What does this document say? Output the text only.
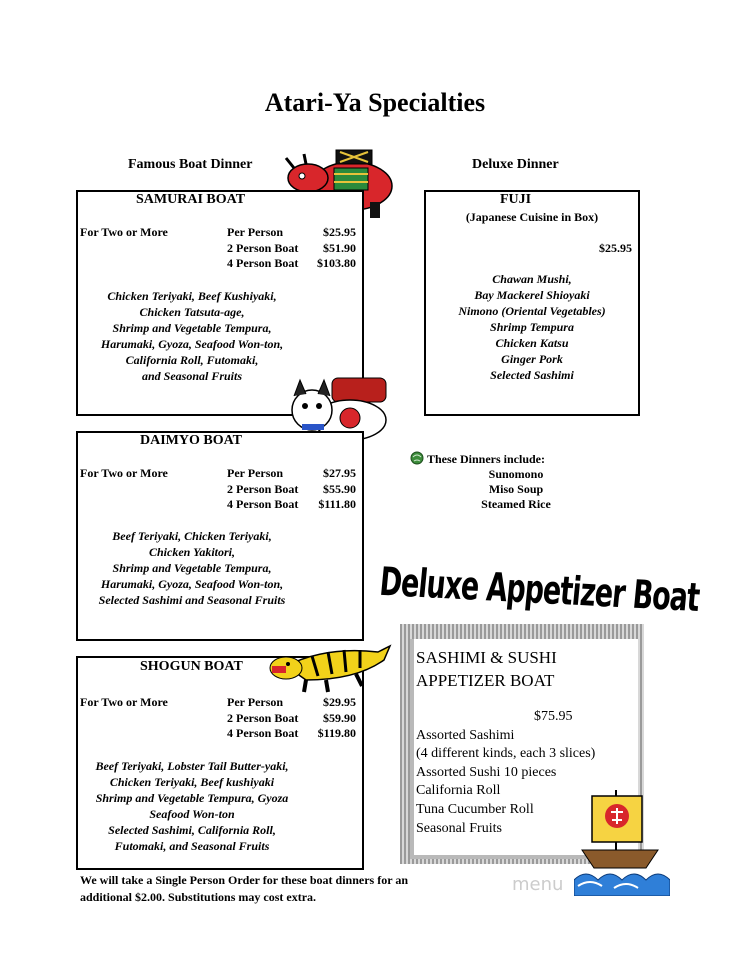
Atari-Ya Specialties
Famous Boat Dinner	Deluxe Dinner
SAMURAI BOAT
For Two or More	Per Person	$25.95
2 Person Boat	$51.90
4 Person Boat	$103.80
Chicken Teriyaki, Beef Kushiyaki,
Chicken Tatsuta-age,
Shrimp and Vegetable Tempura,
Harumaki, Gyoza, Seafood Won-ton,
California Roll, Futomaki,
and Seasonal Fruits
FUJI
(Japanese Cuisine in Box)
$25.95
Chawan Mushi,
Bay Mackerel Shioyaki
Nimono (Oriental Vegetables)
Shrimp Tempura
Chicken Katsu
Ginger Pork
Selected Sashimi
DAIMYO BOAT
For Two or More	Per Person	$27.95
2 Person Boat	$55.90
4 Person Boat	$111.80
Beef Teriyaki, Chicken Teriyaki,
Chicken Yakitori,
Shrimp and Vegetable Tempura,
Harumaki, Gyoza, Seafood Won-ton,
Selected Sashimi and Seasonal Fruits
These Dinners include:
Sunomono
Miso Soup
Steamed Rice
Deluxe Appetizer Boat
SHOGUN BOAT
For Two or More	Per Person	$29.95
2 Person Boat	$59.90
4 Person Boat	$119.80
Beef Teriyaki, Lobster Tail Butter-yaki,
Chicken Teriyaki, Beef kushiyaki
Shrimp and Vegetable Tempura, Gyoza
Seafood Won-ton
Selected Sashimi, California Roll,
Futomaki, and Seasonal Fruits
SASHIMI & SUSHI
APPETIZER BOAT
$75.95
Assorted Sashimi
(4 different kinds, each 3 slices)
Assorted Sushi 10 pieces
California Roll
Tuna Cucumber Roll
Seasonal Fruits
We will take a Single Person Order for these boat dinners for an
additional $2.00. Substitutions may cost extra.
menu
